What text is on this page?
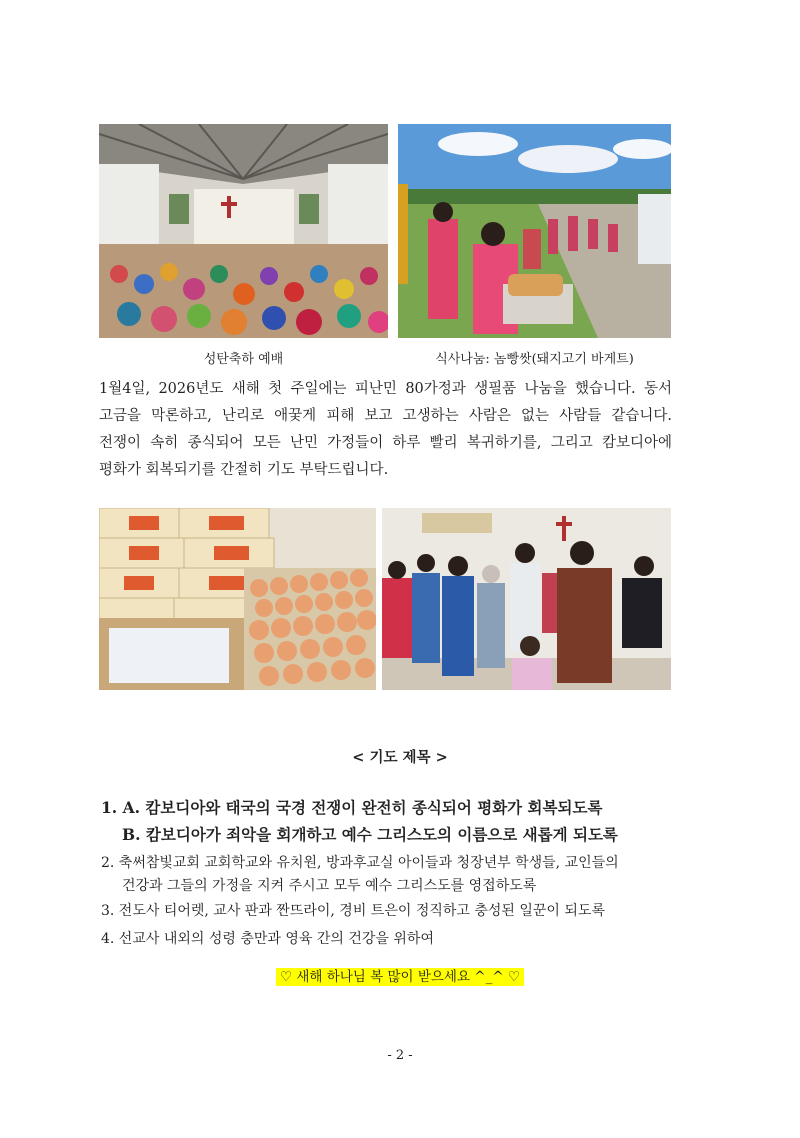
성탄축하 예배	식사나눔: 놈빵쌋(돼지고기 바게트)
1월4일, 2026년도 새해 첫 주일에는 피난민 80가정과 생필품 나눔을 했습니다. 동서
고금을 막론하고, 난리로 애꿎게 피해 보고 고생하는 사람은 없는 사람들 같습니다.
전쟁이 속히 종식되어 모든 난민 가정들이 하루 빨리 복귀하기를, 그리고 캄보디아에
평화가 회복되기를 간절히 기도 부탁드립니다.
< 기도 제목 >
1. A. 캄보디아와 태국의 국경 전쟁이 완전히 종식되어 평화가 회복되도록
B. 캄보디아가 죄악을 회개하고 예수 그리스도의 이름으로 새롭게 되도록
2. 축써참빛교회 교회학교와 유치원, 방과후교실 아이들과 청장년부 학생들, 교인들의
건강과 그들의 가정을 지켜 주시고 모두 예수 그리스도를 영접하도록
3. 전도사 티어렛, 교사 판과 짠뜨라이, 경비 트은이 정직하고 충성된 일꾼이 되도록
4. 선교사 내외의 성령 충만과 영육 간의 건강을 위하여
♡ 새해 하나님 복 많이 받으세요 ^_^ ♡
- 2 -
